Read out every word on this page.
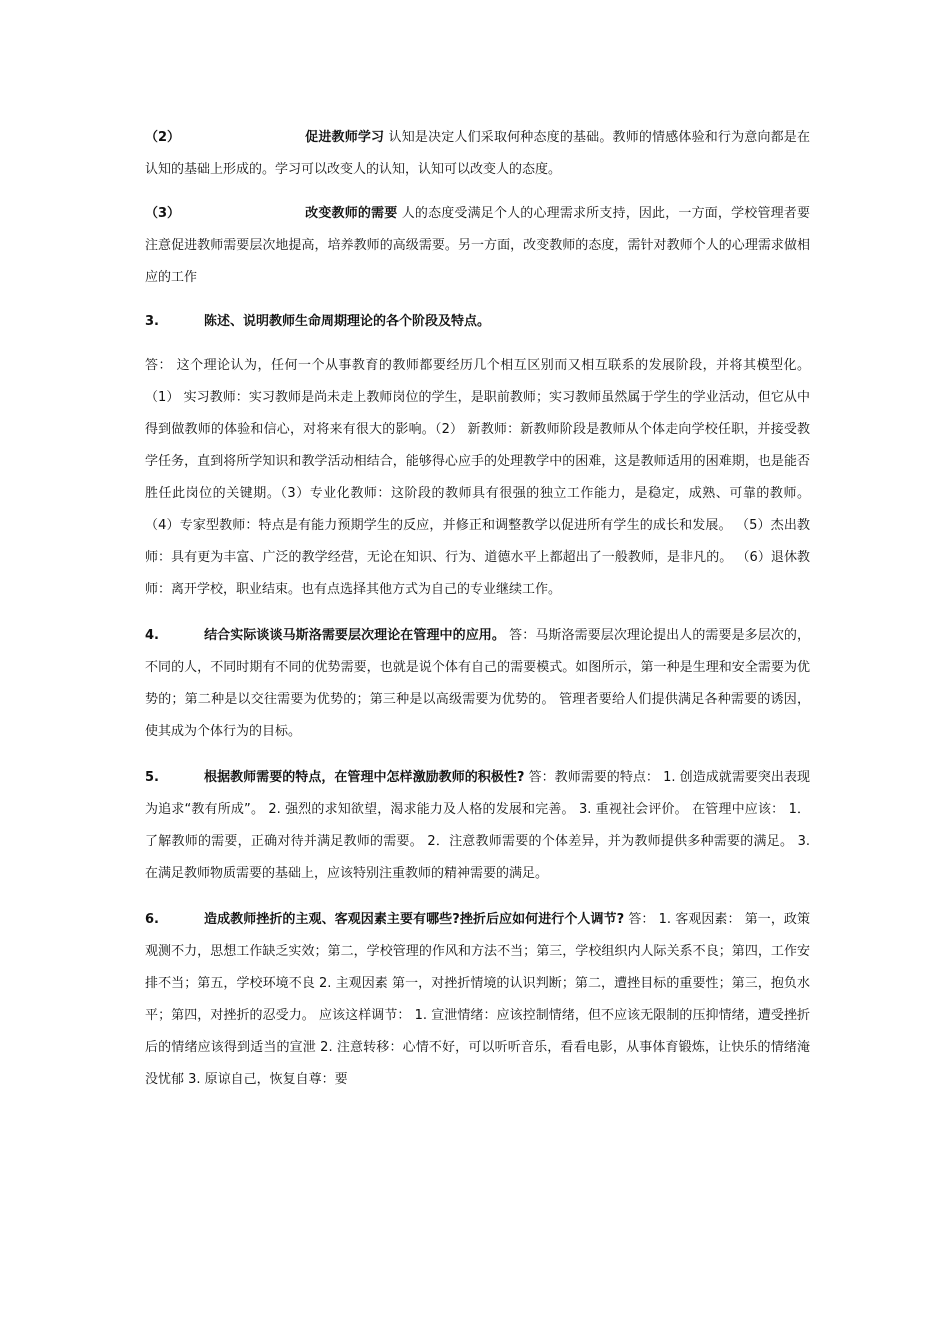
（2）	促进教师学习 认知是决定人们采取何种态度的基础。教师的情感体验和行为意向都是在认知的基础上形成的。学习可以改变人的认知，认知可以改变人的态度。

（3）	改变教师的需要 人的态度受满足个人的心理需求所支持，因此，一方面，学校管理者要注意促进教师需要层次地提高，培养教师的高级需要。另一方面，改变教师的态度，需针对教师个人的心理需求做相应的工作

3.	陈述、说明教师生命周期理论的各个阶段及特点。

答： 这个理论认为，任何一个从事教育的教师都要经历几个相互区别而又相互联系的发展阶段，并将其模型化。（1） 实习教师：实习教师是尚未走上教师岗位的学生，是职前教师；实习教师虽然属于学生的学业活动，但它从中得到做教师的体验和信心，对将来有很大的影响。（2） 新教师：新教师阶段是教师从个体走向学校任职，并接受教学任务，直到将所学知识和教学活动相结合，能够得心应手的处理教学中的困难，这是教师适用的困难期，也是能否胜任此岗位的关键期。（3）专业化教师：这阶段的教师具有很强的独立工作能力，是稳定，成熟、可靠的教师。 （4）专家型教师：特点是有能力预期学生的反应，并修正和调整教学以促进所有学生的成长和发展。 （5）杰出教师：具有更为丰富、广泛的教学经营，无论在知识、行为、道德水平上都超出了一般教师，是非凡的。 （6）退休教师：离开学校，职业结束。也有点选择其他方式为自己的专业继续工作。

4.	结合实际谈谈马斯洛需要层次理论在管理中的应用。 答：马斯洛需要层次理论提出人的需要是多层次的，不同的人，不同时期有不同的优势需要，也就是说个体有自己的需要模式。如图所示，第一种是生理和安全需要为优势的；第二种是以交往需要为优势的；第三种是以高级需要为优势的。 管理者要给人们提供满足各种需要的诱因，使其成为个体行为的目标。

5.	根据教师需要的特点，在管理中怎样激励教师的积极性? 答：教师需要的特点： 1. 创造成就需要突出表现为追求“教有所成”。 2. 强烈的求知欲望，渴求能力及人格的发展和完善。 3. 重视社会评价。 在管理中应该： 1．了解教师的需要，正确对待并满足教师的需要。 2．注意教师需要的个体差异，并为教师提供多种需要的满足。 3. 在满足教师物质需要的基础上，应该特别注重教师的精神需要的满足。

6.	造成教师挫折的主观、客观因素主要有哪些?挫折后应如何进行个人调节? 答： 1. 客观因素： 第一，政策观测不力，思想工作缺乏实效；第二，学校管理的作风和方法不当；第三，学校组织内人际关系不良；第四，工作安排不当；第五，学校环境不良 2. 主观因素 第一，对挫折情境的认识判断；第二，遭挫目标的重要性；第三，抱负水平；第四，对挫折的忍受力。 应该这样调节： 1. 宣泄情绪：应该控制情绪，但不应该无限制的压抑情绪，遭受挫折后的情绪应该得到适当的宣泄 2. 注意转移：心情不好，可以听听音乐，看看电影，从事体育锻炼，让快乐的情绪淹没忧郁 3. 原谅自己，恢复自尊：要
